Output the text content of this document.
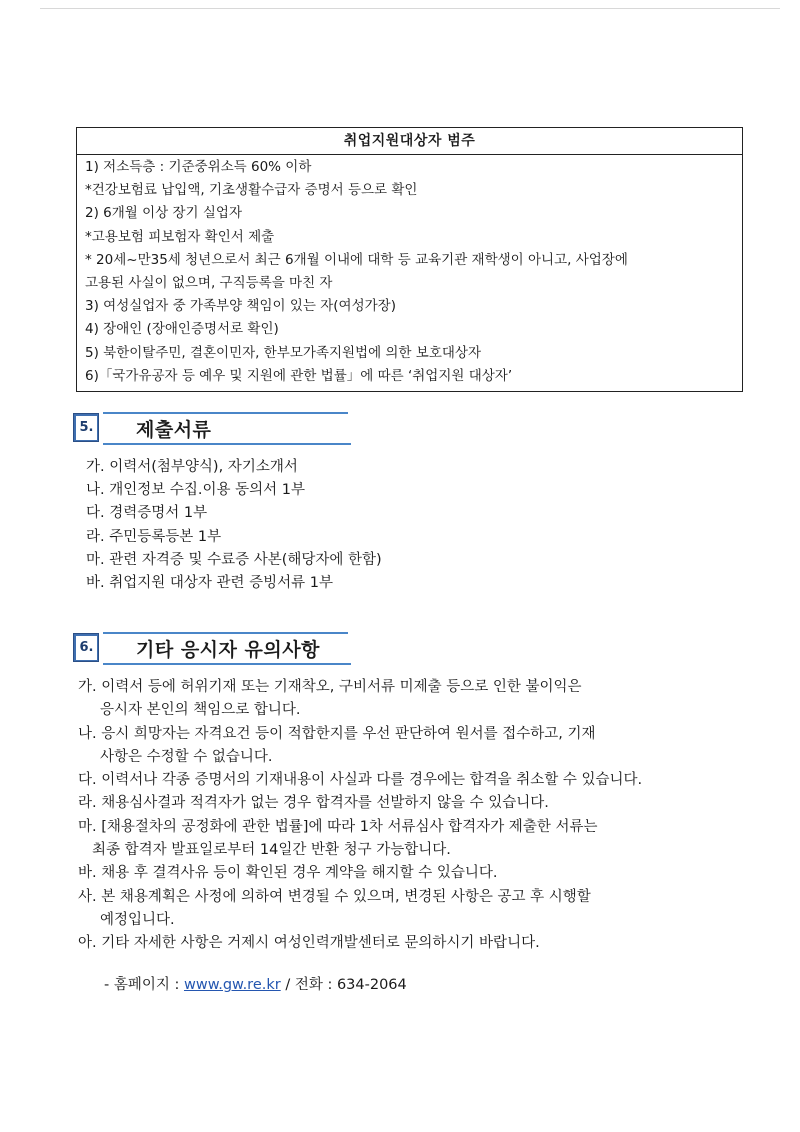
취업지원대상자 범주
1) 저소득층 : 기준중위소득 60% 이하
*건강보험료 납입액, 기초생활수급자 증명서 등으로 확인
2) 6개월 이상 장기 실업자
*고용보험 피보험자 확인서 제출
* 20세~만35세 청년으로서 최근 6개월 이내에 대학 등 교육기관 재학생이 아니고, 사업장에
고용된 사실이 없으며, 구직등록을 마친 자
3) 여성실업자 중 가족부양 책임이 있는 자(여성가장)
4) 장애인 (장애인증명서로 확인)
5) 북한이탈주민, 결혼이민자, 한부모가족지원법에 의한 보호대상자
6)「국가유공자 등 예우 및 지원에 관한 법률」에 따른 ‘취업지원 대상자’
5. 제출서류
가. 이력서(첨부양식), 자기소개서
나. 개인정보 수집.이용 동의서 1부
다. 경력증명서 1부
라. 주민등록등본 1부
마. 관련 자격증 및 수료증 사본(해당자에 한함)
바. 취업지원 대상자 관련 증빙서류 1부
6. 기타 응시자 유의사항
가. 이력서 등에 허위기재 또는 기재착오, 구비서류 미제출 등으로 인한 불이익은
응시자 본인의 책임으로 합니다.
나. 응시 희망자는 자격요건 등이 적합한지를 우선 판단하여 원서를 접수하고, 기재
사항은 수정할 수 없습니다.
다. 이력서나 각종 증명서의 기재내용이 사실과 다를 경우에는 합격을 취소할 수 있습니다.
라. 채용심사결과 적격자가 없는 경우 합격자를 선발하지 않을 수 있습니다.
마. [채용절차의 공정화에 관한 법률]에 따라 1차 서류심사 합격자가 제출한 서류는
최종 합격자 발표일로부터 14일간 반환 청구 가능합니다.
바. 채용 후 결격사유 등이 확인된 경우 계약을 해지할 수 있습니다.
사. 본 채용계획은 사정에 의하여 변경될 수 있으며, 변경된 사항은 공고 후 시행할
예정입니다.
아. 기타 자세한 사항은 거제시 여성인력개발센터로 문의하시기 바랍니다.
- 홈페이지 : www.gw.re.kr / 전화 : 634-2064
